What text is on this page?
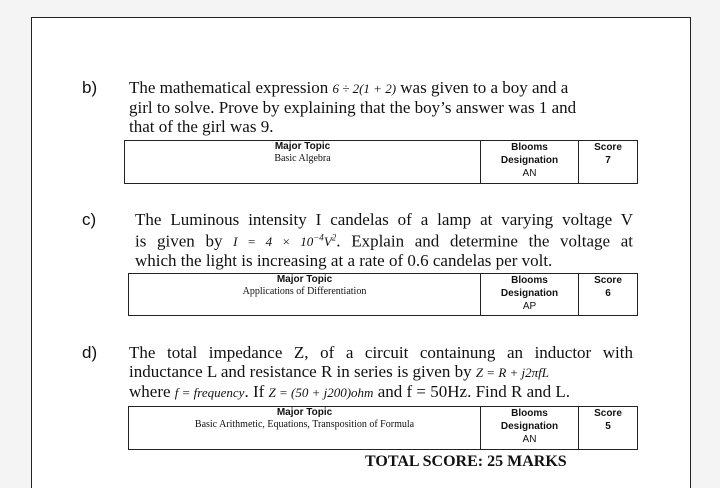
b) The mathematical expression 6 ÷ 2(1 + 2) was given to a boy and a
girl to solve. Prove by explaining that the boy’s answer was 1 and
that of the girl was 9.
Major Topic
Basic Algebra

Blooms
Designation
AN

Score
7
c) The Luminous intensity I candelas of a lamp at varying voltage V
is given by $I = 4 \times 10^{-4}V^2$. Explain and determine the voltage at
which the light is increasing at a rate of 0.6 candelas per volt.
Major Topic
Applications of Differentiation

Blooms
Designation
AP

Score
6
d) The total impedance Z, of a circuit containung an inductor with
inductance L and resistance R in series is given by Z = R + j2πfL
where f = frequency. If Z = (50 + j200)ohm and f = 50Hz. Find R and L.
Major Topic
Basic Arithmetic, Equations, Transposition of Formula

Blooms
Designation
AN

Score
5
TOTAL SCORE: 25 MARKS
